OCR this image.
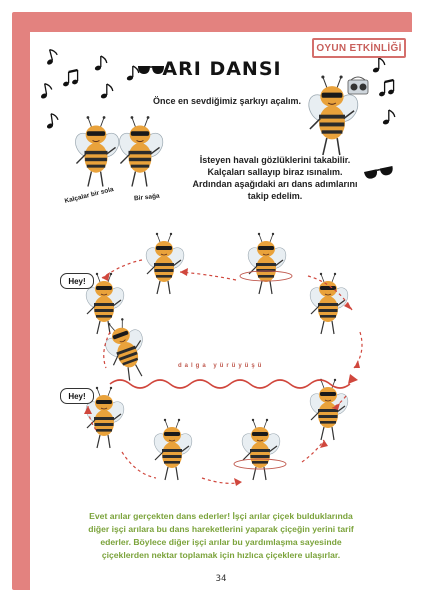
OYUN ETKİNLİĞİ
ARI DANSI
Önce en sevdiğimiz şarkıyı açalım.
İsteyen havalı gözlüklerini takabilir.
Kalçaları sallayıp biraz ısınalım.
Ardından aşağıdaki arı dans adımlarını
takip edelim.
Kalçalar bir sola	Bir sağa
Hey!
Hey!
dalga yürüyüşü
Evet arılar gerçekten dans ederler! İşçi arılar çiçek bulduklarında
diğer işçi arılara bu dans hareketlerini yaparak çiçeğin yerini tarif
ederler. Böylece diğer işçi arılar bu yardımlaşma sayesinde
çiçeklerden nektar toplamak için hızlıca çiçeklere ulaşırlar.
34
